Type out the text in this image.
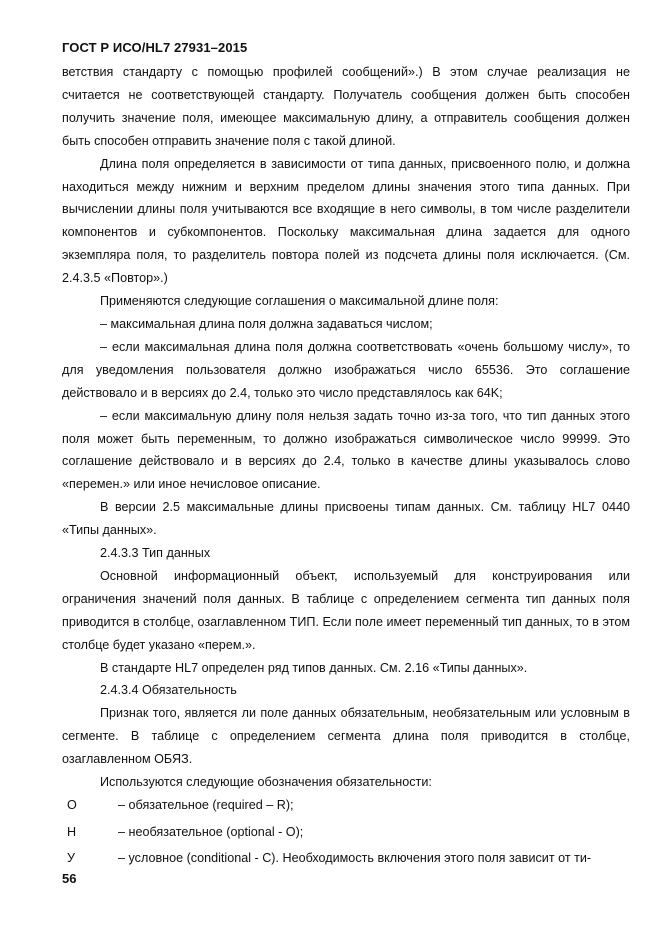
ГОСТ Р ИСО/HL7 27931–2015

ветствия стандарту с помощью профилей сообщений».) В этом случае реализация не считается не соответствующей стандарту. Получатель сообщения должен быть способен получить значение поля, имеющее максимальную длину, а отправитель сообщения должен быть способен отправить значение поля с такой длиной.

Длина поля определяется в зависимости от типа данных, присвоенного полю, и должна находиться между нижним и верхним пределом длины значения этого типа данных. При вычислении длины поля учитываются все входящие в него символы, в том числе разделители компонентов и субкомпонентов. Поскольку максимальная длина задается для одного экземпляра поля, то разделитель повтора полей из подсчета длины поля исключается. (См. 2.4.3.5 «Повтор».)

Применяются следующие соглашения о максимальной длине поля:

– максимальная длина поля должна задаваться числом;

– если максимальная длина поля должна соответствовать «очень большому числу», то для уведомления пользователя должно изображаться число 65536. Это соглашение действовало и в версиях до 2.4, только это число представлялось как 64K;

– если максимальную длину поля нельзя задать точно из-за того, что тип данных этого поля может быть переменным, то должно изображаться символическое число 99999. Это соглашение действовало и в версиях до 2.4, только в качестве длины указывалось слово «перемен.» или иное нечисловое описание.

В версии 2.5 максимальные длины присвоены типам данных. См. таблицу HL7 0440 «Типы данных».

2.4.3.3 Тип данных

Основной информационный объект, используемый для конструирования или ограничения значений поля данных. В таблице с определением сегмента тип данных поля приводится в столбце, озаглавленном ТИП. Если поле имеет переменный тип данных, то в этом столбце будет указано «перем.».

В стандарте HL7 определен ряд типов данных. См. 2.16 «Типы данных».

2.4.3.4 Обязательность

Признак того, является ли поле данных обязательным, необязательным или условным в сегменте. В таблице с определением сегмента длина поля приводится в столбце, озаглавленном ОБЯЗ.

Используются следующие обозначения обязательности:

О	– обязательное (required – R);
Н	– необязательное (optional - O);
У	– условное (conditional - C). Необходимость включения этого поля зависит от ти-
56
